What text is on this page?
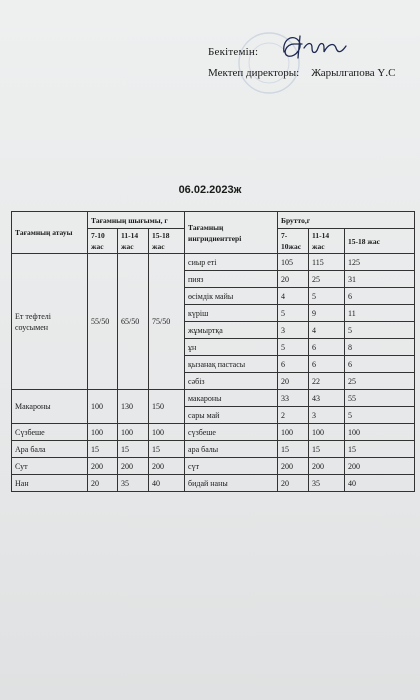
Бекітемін:
Мектеп директоры: Жарылгапова Ү.С
06.02.2023ж
Тағамның атауы	Тағамның шығымы, г			Тағамның ингридиенттері	Брутто,г		
	7-10 жас	11-14 жас	15-18 жас		7-10жас	11-14 жас	15-18 жас
Ет тефтелі соусымен	55/50	65/50	75/50	сиыр еті	105	115	125
				пияз	20	25	31
				өсімдік майы	4	5	6
				күріш	5	9	11
				жұмыртқа	3	4	5
				ұн	5	6	8
				қызанақ пастасы	6	6	6
				сәбіз	20	22	25
Макароны	100	130	150	макароны	33	43	55
				сары май	2	3	5
Сүзбеше	100	100	100	сүзбеше	100	100	100
Ара бала	15	15	15	ара балы	15	15	15
Сут	200	200	200	сүт	200	200	200
Нан	20	35	40	бидай наны	20	35	40
